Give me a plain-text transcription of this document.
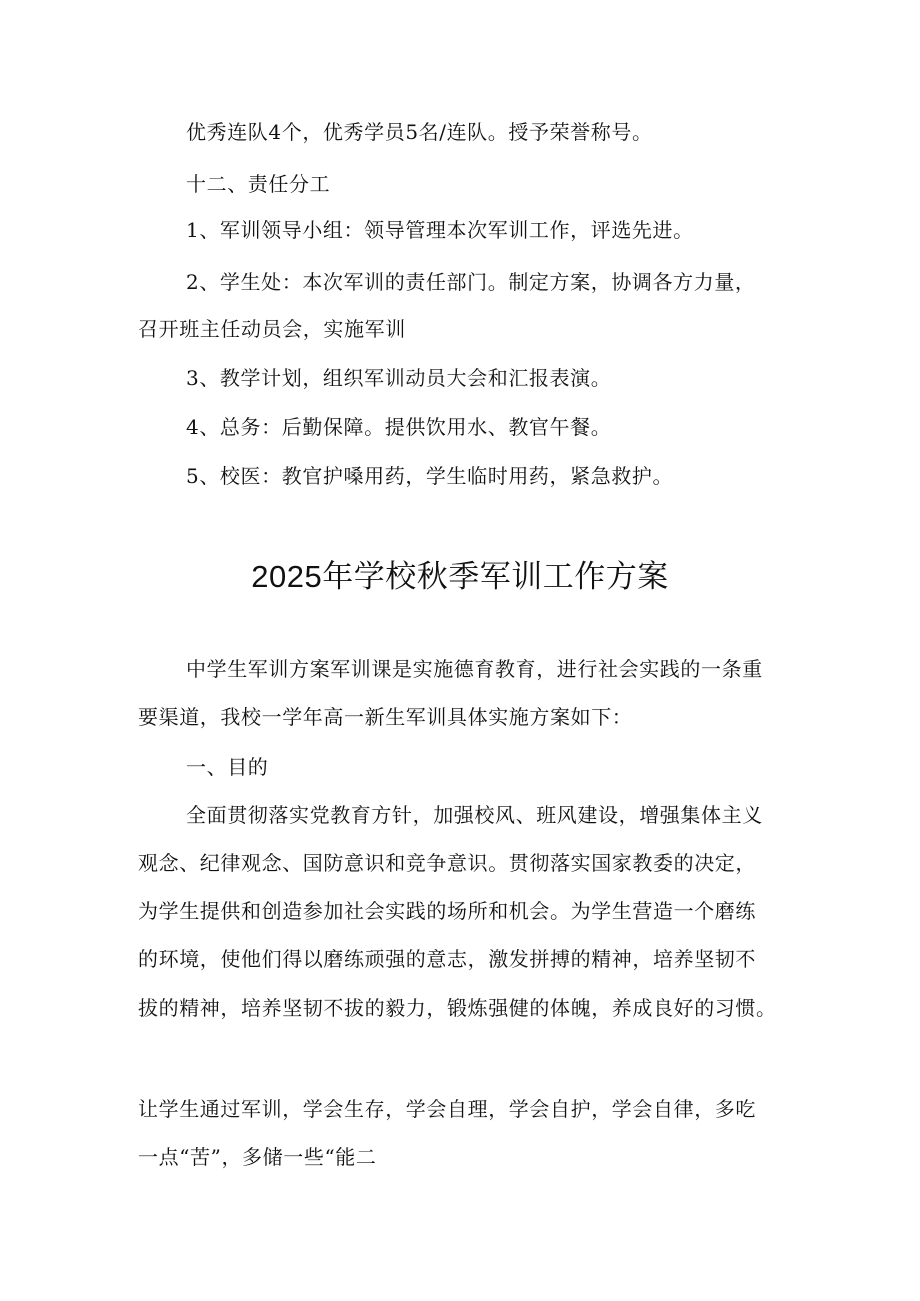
优秀连队4个，优秀学员5名/连队。授予荣誉称号。
十二、责任分工
1、军训领导小组：领导管理本次军训工作，评选先进。
2、学生处：本次军训的责任部门。制定方案，协调各方力量，
召开班主任动员会，实施军训
3、教学计划，组织军训动员大会和汇报表演。
4、总务：后勤保障。提供饮用水、教官午餐。
5、校医：教官护嗓用药，学生临时用药，紧急救护。
2025年学校秋季军训工作方案
中学生军训方案军训课是实施德育教育，进行社会实践的一条重
要渠道，我校一学年高一新生军训具体实施方案如下：
一、目的
全面贯彻落实党教育方针，加强校风、班风建设，增强集体主义
观念、纪律观念、国防意识和竞争意识。贯彻落实国家教委的决定，
为学生提供和创造参加社会实践的场所和机会。为学生营造一个磨练
的环境，使他们得以磨练顽强的意志，激发拼搏的精神，培养坚韧不
拔的精神，培养坚韧不拔的毅力，锻炼强健的体魄，养成良好的习惯。
让学生通过军训，学会生存，学会自理，学会自护，学会自律，多吃
一点“苦”，多储一些“能二
